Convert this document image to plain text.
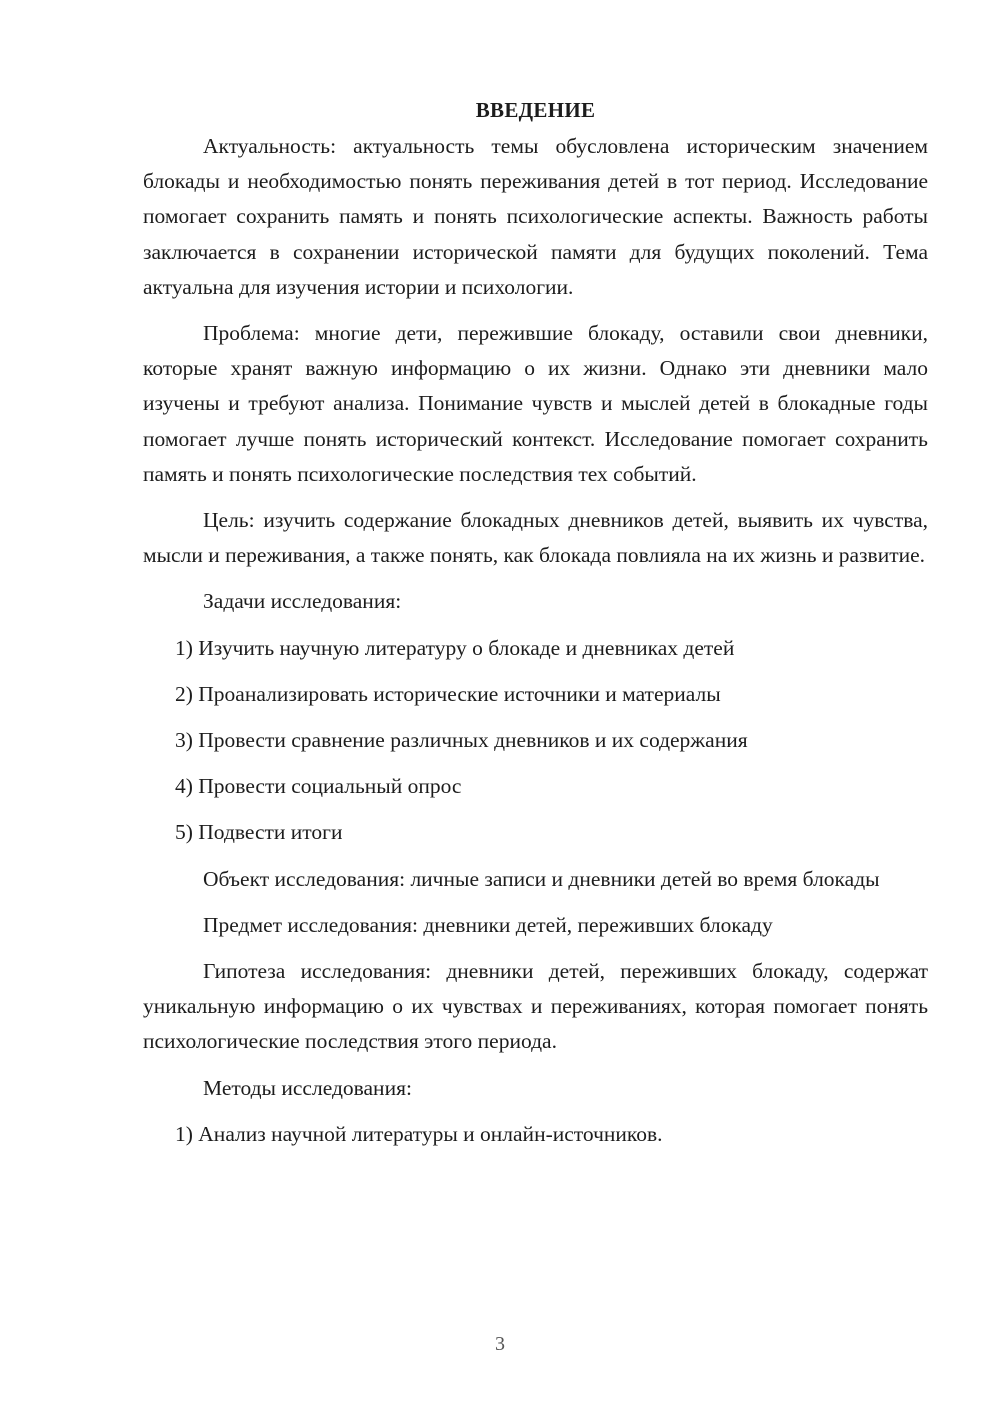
ВВЕДЕНИЕ

Актуальность: актуальность темы обусловлена историческим значением блокады и необходимостью понять переживания детей в тот период. Исследование помогает сохранить память и понять психологические аспекты. Важность работы заключается в сохранении исторической памяти для будущих поколений. Тема актуальна для изучения истории и психологии.

Проблема: многие дети, пережившие блокаду, оставили свои дневники, которые хранят важную информацию о их жизни. Однако эти дневники мало изучены и требуют анализа. Понимание чувств и мыслей детей в блокадные годы помогает лучше понять исторический контекст. Исследование помогает сохранить память и понять психологические последствия тех событий.

Цель: изучить содержание блокадных дневников детей, выявить их чувства, мысли и переживания, а также понять, как блокада повлияла на их жизнь и развитие.

Задачи исследования:

1) Изучить научную литературу о блокаде и дневниках детей

2) Проанализировать исторические источники и материалы

3) Провести сравнение различных дневников и их содержания

4) Провести социальный опрос

5) Подвести итоги

Объект исследования: личные записи и дневники детей во время блокады

Предмет исследования: дневники детей, переживших блокаду

Гипотеза исследования: дневники детей, переживших блокаду, содержат уникальную информацию о их чувствах и переживаниях, которая помогает понять психологические последствия этого периода.

Методы исследования:

1) Анализ научной литературы и онлайн-источников.

3
